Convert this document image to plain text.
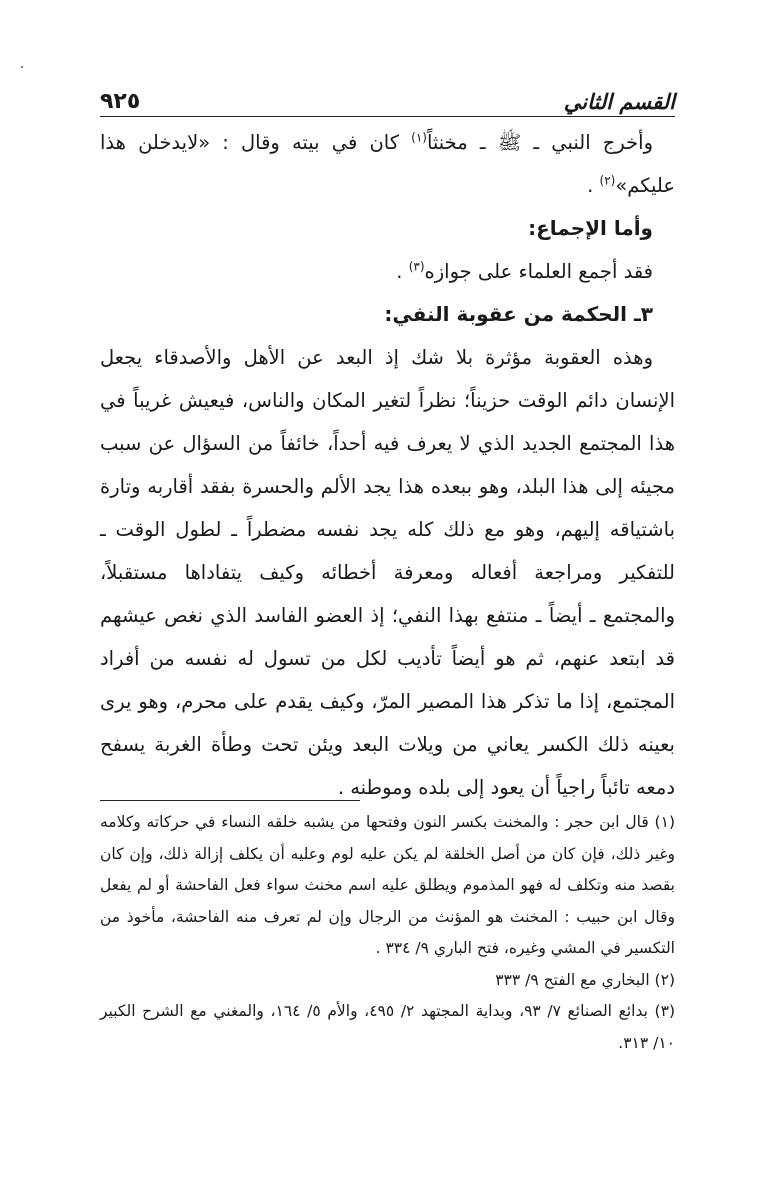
القسم الثاني
٩٢٥

وأخرج النبي ـ ﷺ ـ مخنثاً$^{(١)}$ كان في بيته وقال : «لايدخلن هذا عليكم»$^{(٢)}$ .

وأما الإجماع:

فقد أجمع العلماء على جوازه$^{(٣)}$ .

٣ـ الحكمة من عقوبة النفي:

وهذه العقوبة مؤثرة بلا شك إذ البعد عن الأهل والأصدقاء يجعل الإنسان دائم الوقت حزيناً؛ نظراً لتغير المكان والناس، فيعيش غريباً في هذا المجتمع الجديد الذي لا يعرف فيه أحداً، خائفاً من السؤال عن سبب مجيئه إلى هذا البلد، وهو ببعده هذا يجد الألم والحسرة بفقد أقاربه وتارة باشتياقه إليهم، وهو مع ذلك كله يجد نفسه مضطراً ـ لطول الوقت ـ للتفكير ومراجعة أفعاله ومعرفة أخطائه وكيف يتفاداها مستقبلاً، والمجتمع ـ أيضاً ـ منتفع بهذا النفي؛ إذ العضو الفاسد الذي نغص عيشهم قد ابتعد عنهم، ثم هو أيضاً تأديب لكل من تسول له نفسه من أفراد المجتمع، إذا ما تذكر هذا المصير المرّ، وكيف يقدم على محرم، وهو يرى بعينه ذلك الكسر يعاني من ويلات البعد ويئن تحت وطأة الغربة يسفح دمعه تائباً راجياً أن يعود إلى بلده وموطنه .

(١) قال ابن حجر : والمخنث بكسر النون وفتحها من يشبه خلقه النساء في حركاته وكلامه وغير ذلك، فإن كان من أصل الخلقة لم يكن عليه لوم وعليه أن يكلف إزالة ذلك، وإن كان بقصد منه وتكلف له فهو المذموم ويطلق عليه اسم مخنث سواء فعل الفاحشة أو لم يفعل وقال ابن حبيب : المخنث هو المؤنث من الرجال وإن لم تعرف منه الفاحشة، مأخوذ من التكسير في المشي وغيره، فتح الباري ٩/ ٣٣٤ .

(٢) البخاري مع الفتح ٩/ ٣٣٣

(٣) بدائع الصنائع ٧/ ٩٣، وبداية المجتهد ٢/ ٤٩٥، والأم ٥/ ١٦٤، والمغني مع الشرح الكبير ١٠/ ٣١٣.
